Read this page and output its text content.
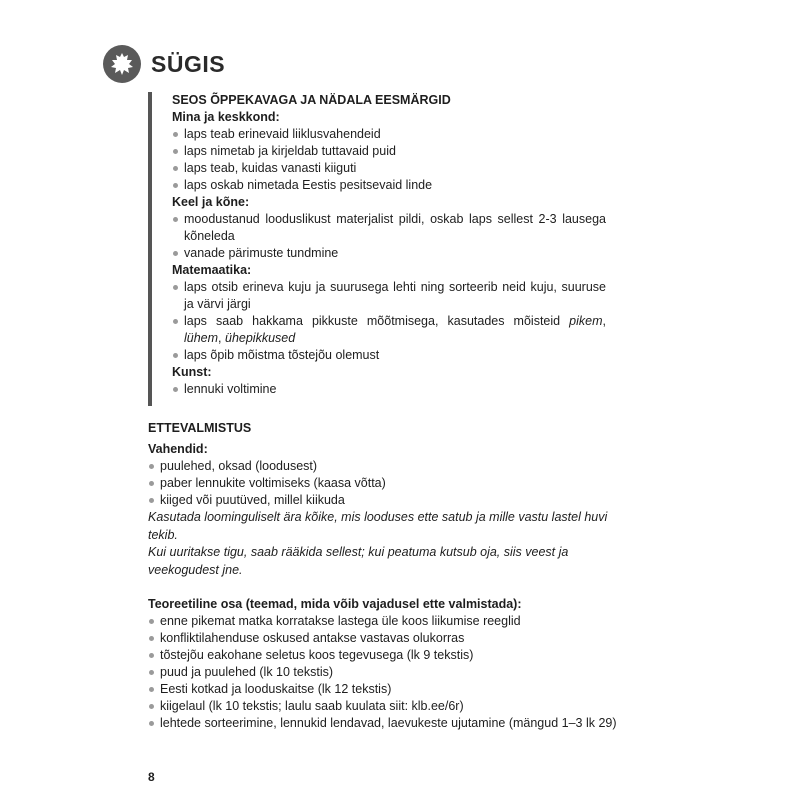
SÜGIS
SEOS ÕPPEKAVAGA JA NÄDALA EESMÄRGID
Mina ja keskkond:
laps teab erinevaid liiklusvahendeid
laps nimetab ja kirjeldab tuttavaid puid
laps teab, kuidas vanasti kiiguti
laps oskab nimetada Eestis pesitsevaid linde
Keel ja kõne:
moodustanud looduslikust materjalist pildi, oskab laps sellest 2-3 lausega kõneleda
vanade pärimuste tundmine
Matemaatika:
laps otsib erineva kuju ja suurusega lehti ning sorteerib neid kuju, suuruse ja värvi järgi
laps saab hakkama pikkuste mõõtmisega, kasutades mõisteid pikem, lühem, ühepikkused
laps õpib mõistma tõstejõu olemust
Kunst:
lennuki voltimine
ETTEVALMISTUS
Vahendid:
puulehed, oksad (loodusest)
paber lennukite voltimiseks (kaasa võtta)
kiiged või puutüved, millel kiikuda
Kasutada loominguliselt ära kõike, mis looduses ette satub ja mille vastu lastel huvi tekib.
Kui uuritakse tigu, saab rääkida sellest; kui peatuma kutsub oja, siis veest ja veekogudest jne.
Teoreetiline osa (teemad, mida võib vajadusel ette valmistada):
enne pikemat matka korratakse lastega üle koos liikumise reeglid
konfliktilahenduse oskused antakse vastavas olukorras
tõstejõu eakohane seletus koos tegevusega (lk 9 tekstis)
puud ja puulehed (lk 10 tekstis)
Eesti kotkad ja looduskaitse (lk 12 tekstis)
kiigelaul (lk 10 tekstis; laulu saab kuulata siit: klb.ee/6r)
lehtede sorteerimine, lennukid lendavad, laevukeste ujutamine (mängud 1–3 lk 29)
8
